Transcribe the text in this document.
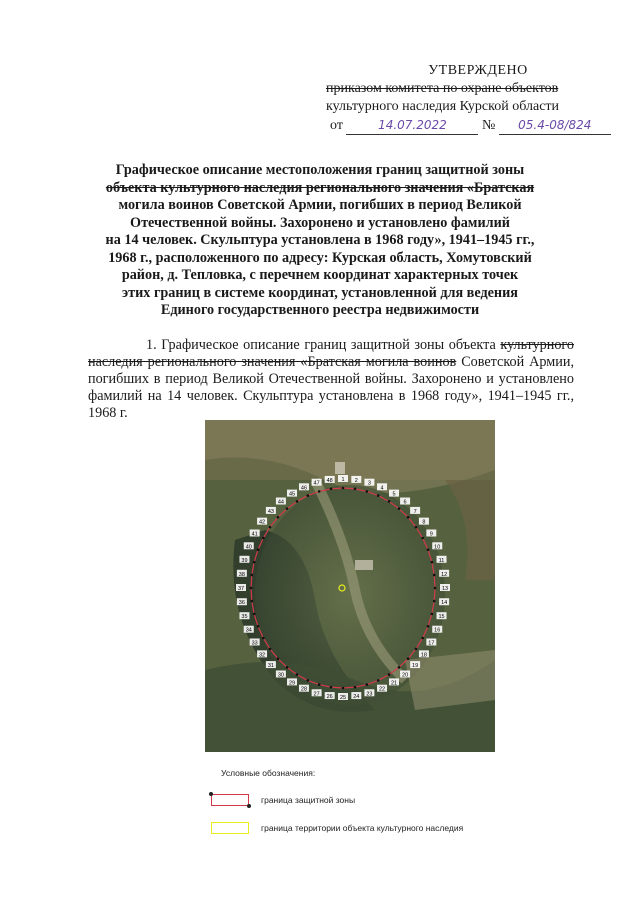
УТВЕРЖДЕНО
приказом комитета по охране объектов
культурного наследия Курской области
от	14.07.2022	№ 05.4-08/824
Графическое описание местоположения границ защитной зоны
объекта культурного наследия регионального значения «Братская
могила воинов Советской Армии, погибших в период Великой
Отечественной войны. Захоронено и установлено фамилий
на 14 человек. Скульптура установлена в 1968 году», 1941–1945 гг.,
1968 г., расположенного по адресу: Курская область, Хомутовский
район, д. Тепловка, с перечнем координат характерных точек
этих границ в системе координат, установленной для ведения
Единого государственного реестра недвижимости
1. Графическое описание границ защитной зоны объекта культурного наследия регионального значения «Братская могила воинов Советской Армии, погибших в период Великой Отечественной войны. Захоронено и установлено фамилий на 14 человек. Скульптура установлена в 1968 году», 1941–1945 гг., 1968 г.
1 2 3
4
5
6
7
8
9
10
11
12
13
14
15
16
17
18
19
20
21
22
23
24
25
26
27
28
29
30
31
32
33
34
35
36
37
38
39
40
41
42
43
44
45
46
47 48
Условные обозначения:
граница защитной зоны
граница территории объекта культурного наследия
